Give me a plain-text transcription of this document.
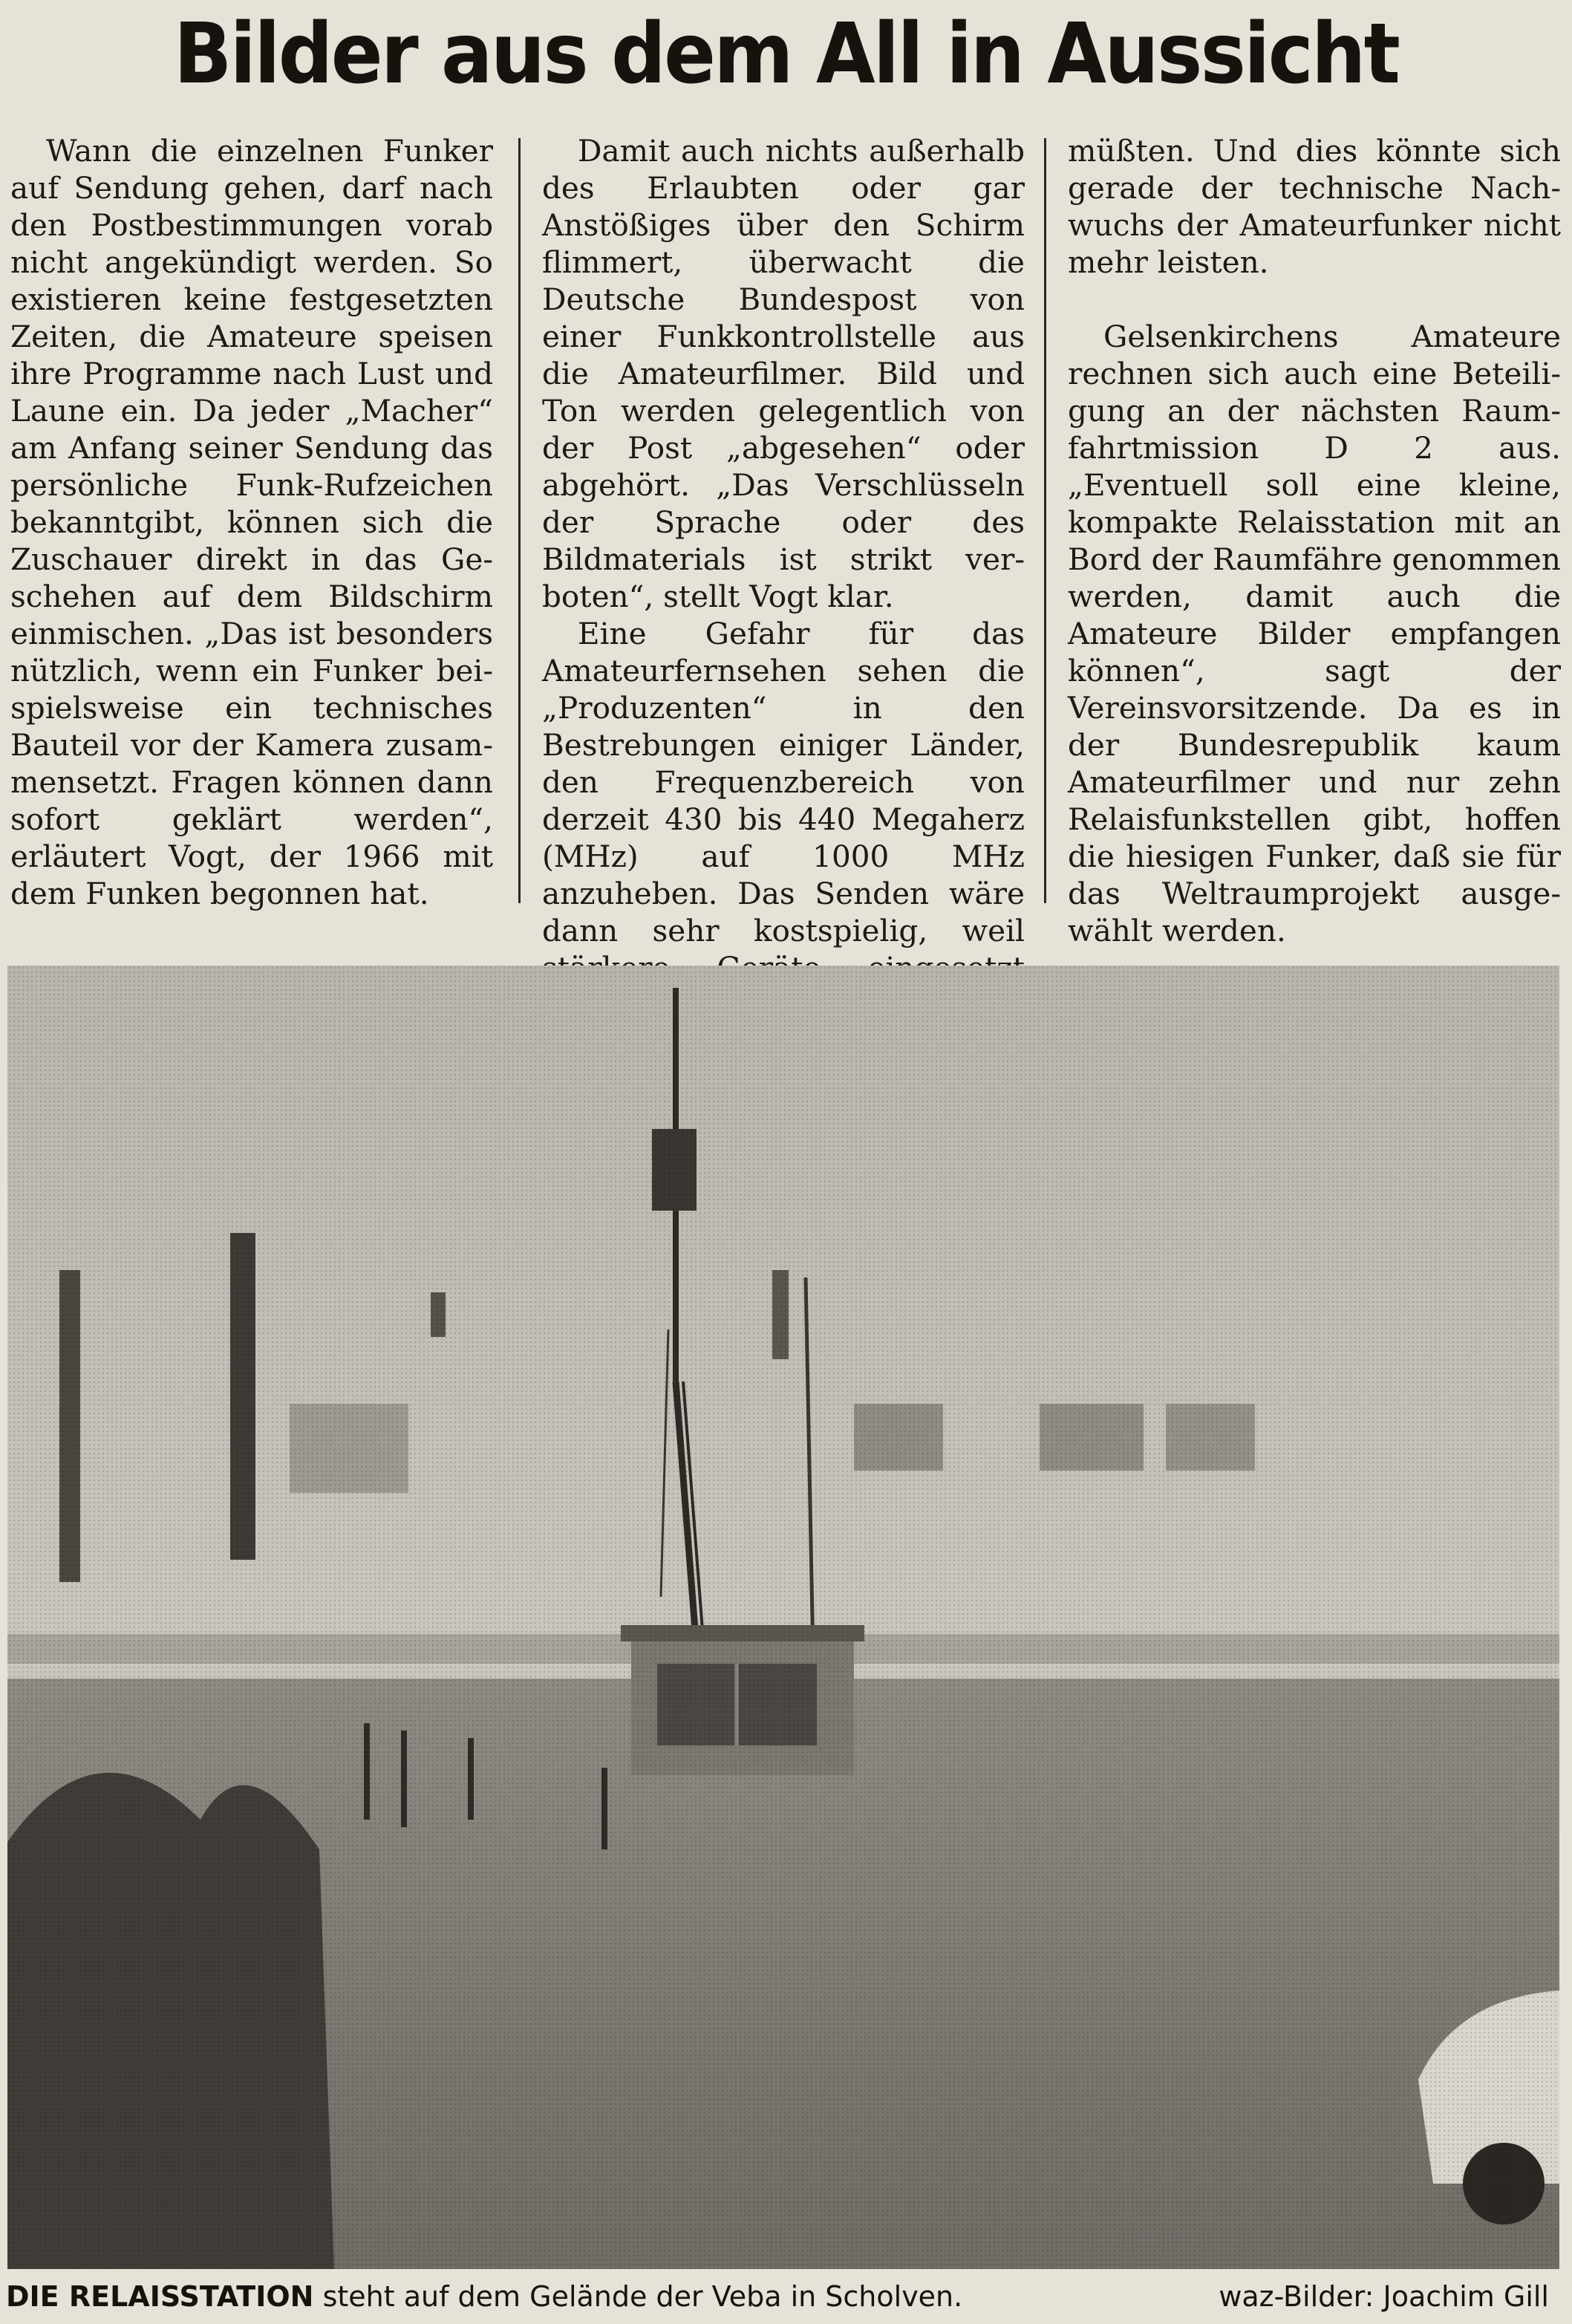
Bilder aus dem All in Aussicht

Wann die einzelnen Funker auf Sendung gehen, darf nach den Postbestimmungen vorab nicht angekündigt werden. So existieren keine festgesetzten Zeiten, die Amateure speisen ihre Programme nach Lust und Laune ein. Da jeder „Macher“ am Anfang seiner Sendung das persönliche Funk-Rufzeichen bekanntgibt, können sich die Zuschauer direkt in das Geschehen auf dem Bildschirm einmischen. „Das ist besonders nützlich, wenn ein Funker beispielsweise ein technisches Bauteil vor der Kamera zusammensetzt. Fragen können dann sofort geklärt werden“, erläutert Vogt, der 1966 mit dem Funken begonnen hat.

Damit auch nichts außerhalb des Erlaubten oder gar Anstößiges über den Schirm flimmert, überwacht die Deutsche Bundespost von einer Funkkontrollstelle aus die Amateurfilmer. Bild und Ton werden gelegentlich von der Post „abgesehen“ oder abgehört. „Das Verschlüsseln der Sprache oder des Bildmaterials ist strikt verboten“, stellt Vogt klar.

Eine Gefahr für das Amateurfernsehen sehen die „Produzenten“ in den Bestrebungen einiger Länder, den Frequenzbereich von derzeit 430 bis 440 Megaherz (MHz) auf 1000 MHz anzuheben. Das Senden wäre dann sehr kostspielig, weil

müßten. Und dies könnte sich gerade der technische Nachwuchs der Amateurfunker nicht mehr leisten.

Gelsenkirchens Amateure rechnen sich auch eine Beteiligung an der nächsten Raumfahrtmission D 2 aus. „Eventuell soll eine kleine, kompakte Relaisstation mit an Bord der Raumfähre genommen werden, damit auch die Amateure Bilder empfangen können“, sagt der Vereinsvorsitzende. Da es in der Bundesrepublik kaum Amateurfilmer und nur zehn Relaisfunkstellen gibt, hoffen die hiesigen Funker, daß sie für das Weltraumprojekt ausgewählt werden.

DIE RELAISSTATION steht auf dem Gelände der Veba in Scholven.	waz-Bilder: Joachim Gill
